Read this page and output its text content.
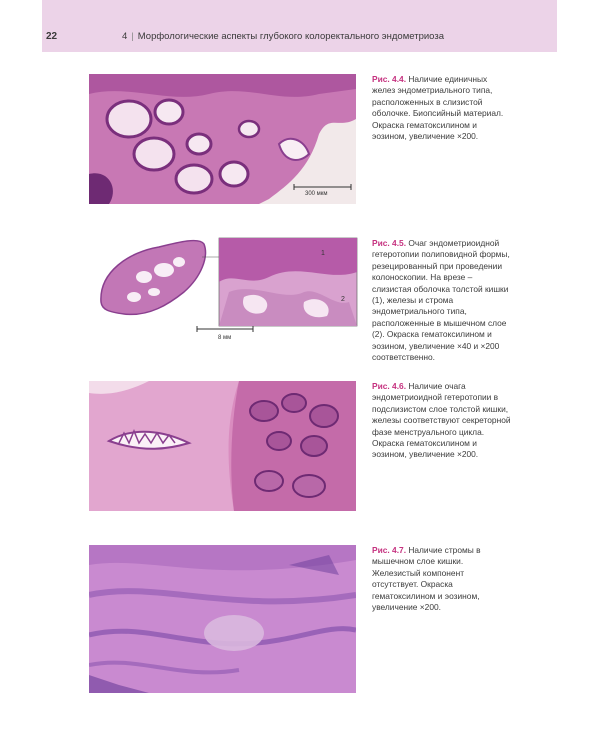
22	4 | Морфологические аспекты глубокого колоректального эндометриоза
300 мкм
Рис. 4.4. Наличие единичных желез эндометриального типа, расположенных в слизистой оболочке. Биопсийный материал. Окраска гематоксилином и эозином, увеличение ×200.
8 мм
1
2
Рис. 4.5. Очаг эндометриоидной гетеротопии полиповидной формы, резецированный при проведении колоноскопии. На врезе – слизистая оболочка толстой кишки (1), железы и строма эндометриального типа, расположенные в мышечном слое (2). Окраска гематоксилином и эозином, увеличение ×40 и ×200 соответственно.
Рис. 4.6. Наличие очага эндометриоидной гетеротопии в подслизистом слое толстой кишки, железы соответствуют секреторной фазе менструального цикла. Окраска гематоксилином и эозином, увеличение ×200.
Рис. 4.7. Наличие стромы в мышечном слое кишки. Железистый компонент отсутствует. Окраска гематоксилином и эозином, увеличение ×200.
